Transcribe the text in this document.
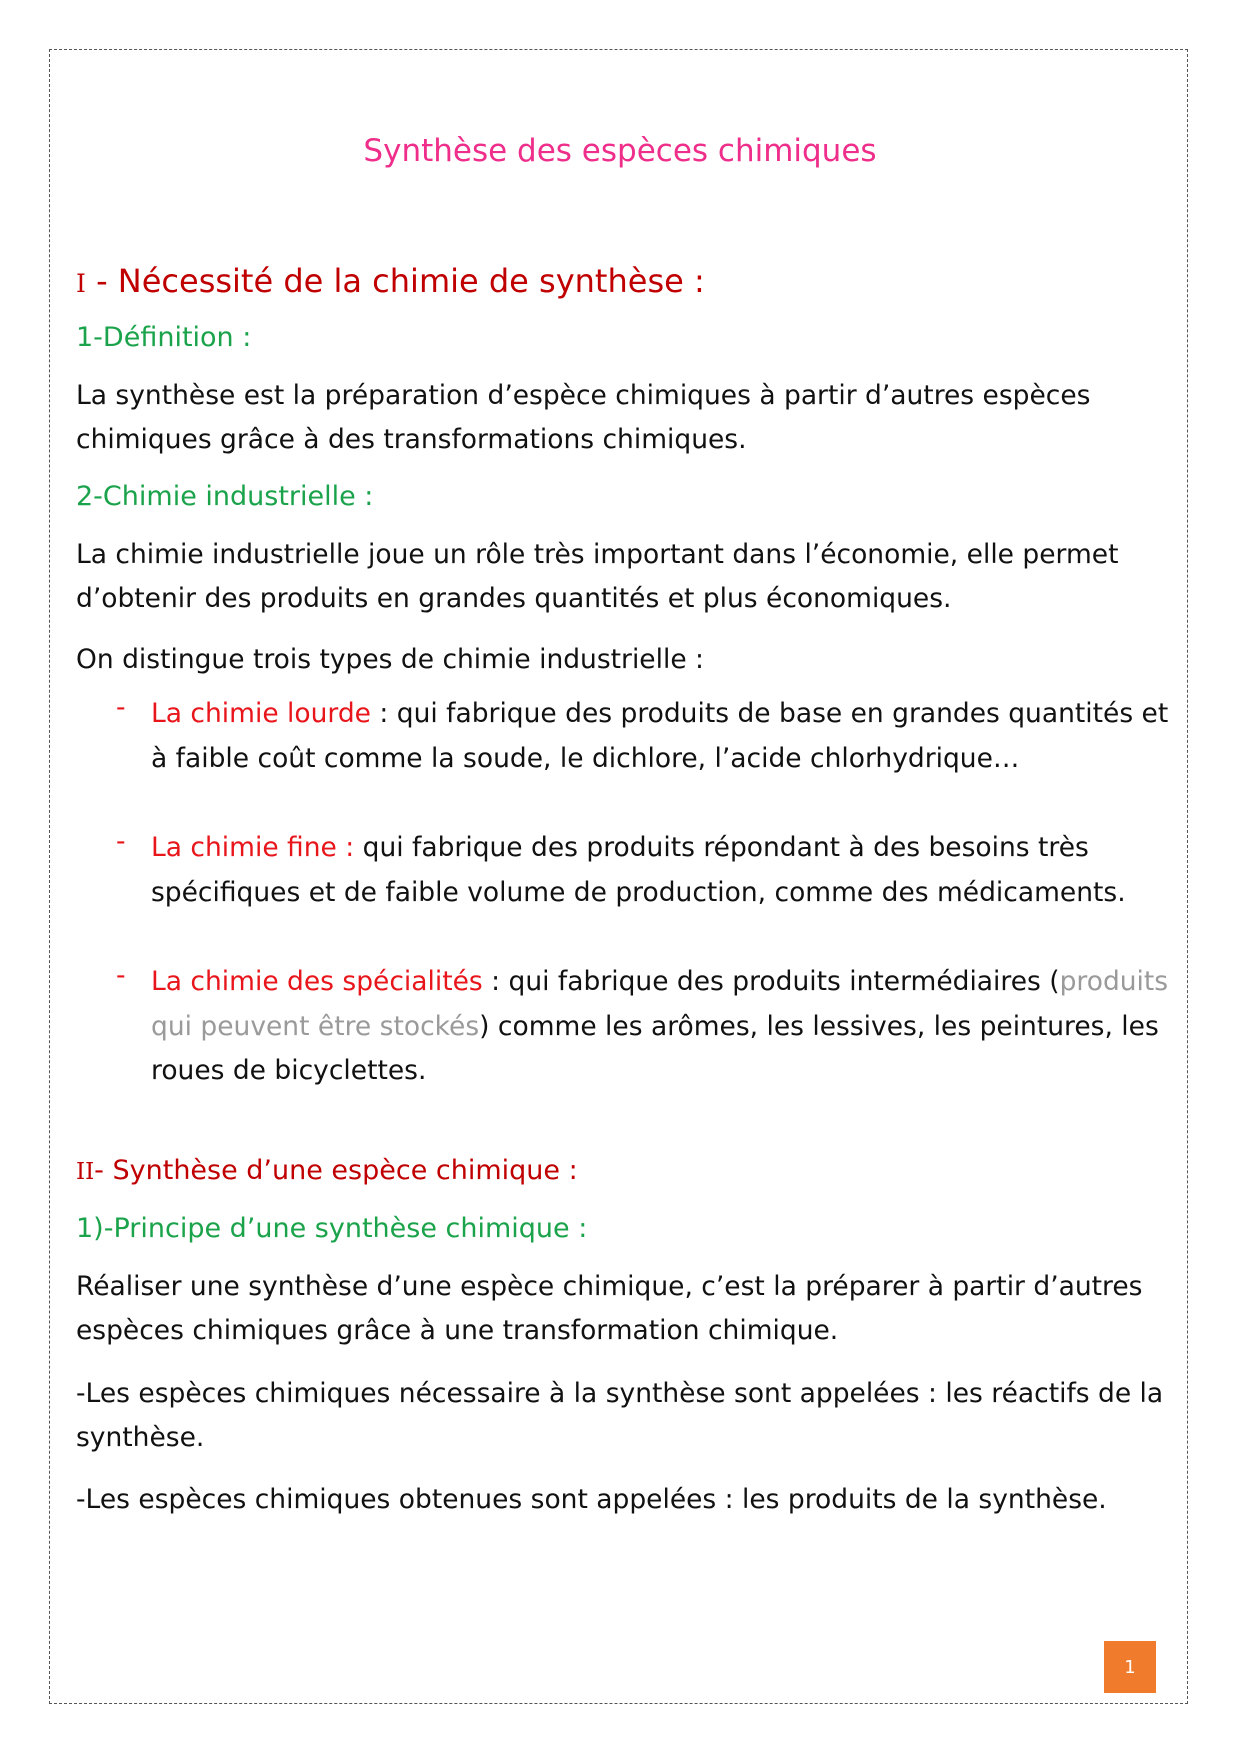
Synthèse des espèces chimiques
I - Nécessité de la chimie de synthèse :
1-Définition :

La synthèse est la préparation d’espèce chimiques à partir d’autres espèces chimiques grâce à des transformations chimiques.

2-Chimie industrielle :

La chimie industrielle joue un rôle très important dans l’économie, elle permet d’obtenir des produits en grandes quantités et plus économiques.

On distingue trois types de chimie industrielle :

- La chimie lourde : qui fabrique des produits de base en grandes quantités et à faible coût comme la soude, le dichlore, l’acide chlorhydrique…
- La chimie fine : qui fabrique des produits répondant à des besoins très spécifiques et de faible volume de production, comme des médicaments.
- La chimie des spécialités : qui fabrique des produits intermédiaires (produits qui peuvent être stockés) comme les arômes, les lessives, les peintures, les roues de bicyclettes.
II- Synthèse d’une espèce chimique :
1)-Principe d’une synthèse chimique :

Réaliser une synthèse d’une espèce chimique, c’est la préparer à partir d’autres espèces chimiques grâce à une transformation chimique.

-Les espèces chimiques nécessaire à la synthèse sont appelées : les réactifs de la synthèse.

-Les espèces chimiques obtenues sont appelées : les produits de la synthèse.

1
